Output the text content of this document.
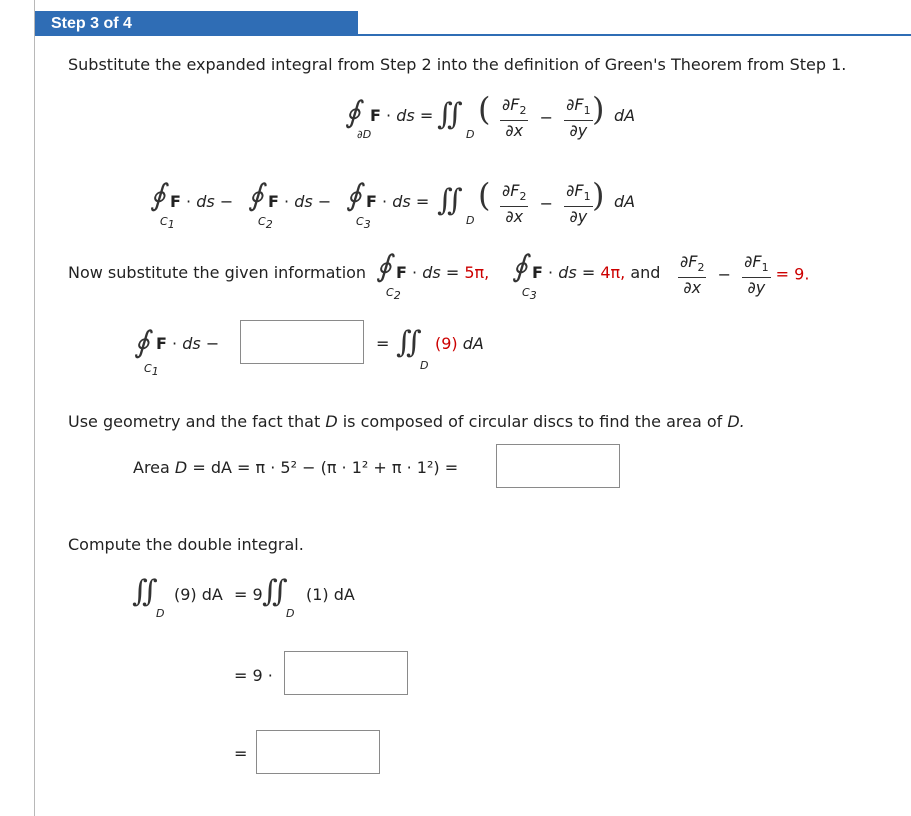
Step 3 of 4
Substitute the expanded integral from Step 2 into the definition of Green's Theorem from Step 1.
∮
∂D
F · ds = ∬
D
( $\frac{\partial F_2}{\partial x} - \frac{\partial F_1}{\partial y}$ ) dA
∮
$C_1$
F · ds − ∮
$C_2$
F · ds − ∮
$C_3$
F · ds = ∬
D
( $\frac{\partial F_2}{\partial x} - \frac{\partial F_1}{\partial y}$ ) dA
Now substitute the given information ∮
$C_2$
F · ds = 5π, ∮
$C_3$
F · ds = 4π, and $\frac{\partial F_2}{\partial x} - \frac{\partial F_1}{\partial y} = 9$.
∮
$C_1$
F · ds −	= ∬
D
(9) dA
Use geometry and the fact that D is composed of circular discs to find the area of D.
Area D = dA = π · 5² − (π · 1² + π · 1²) =
Compute the double integral.
∬
D
(9) dA = 9 ∬
D
(1) dA
= 9 ·
=
